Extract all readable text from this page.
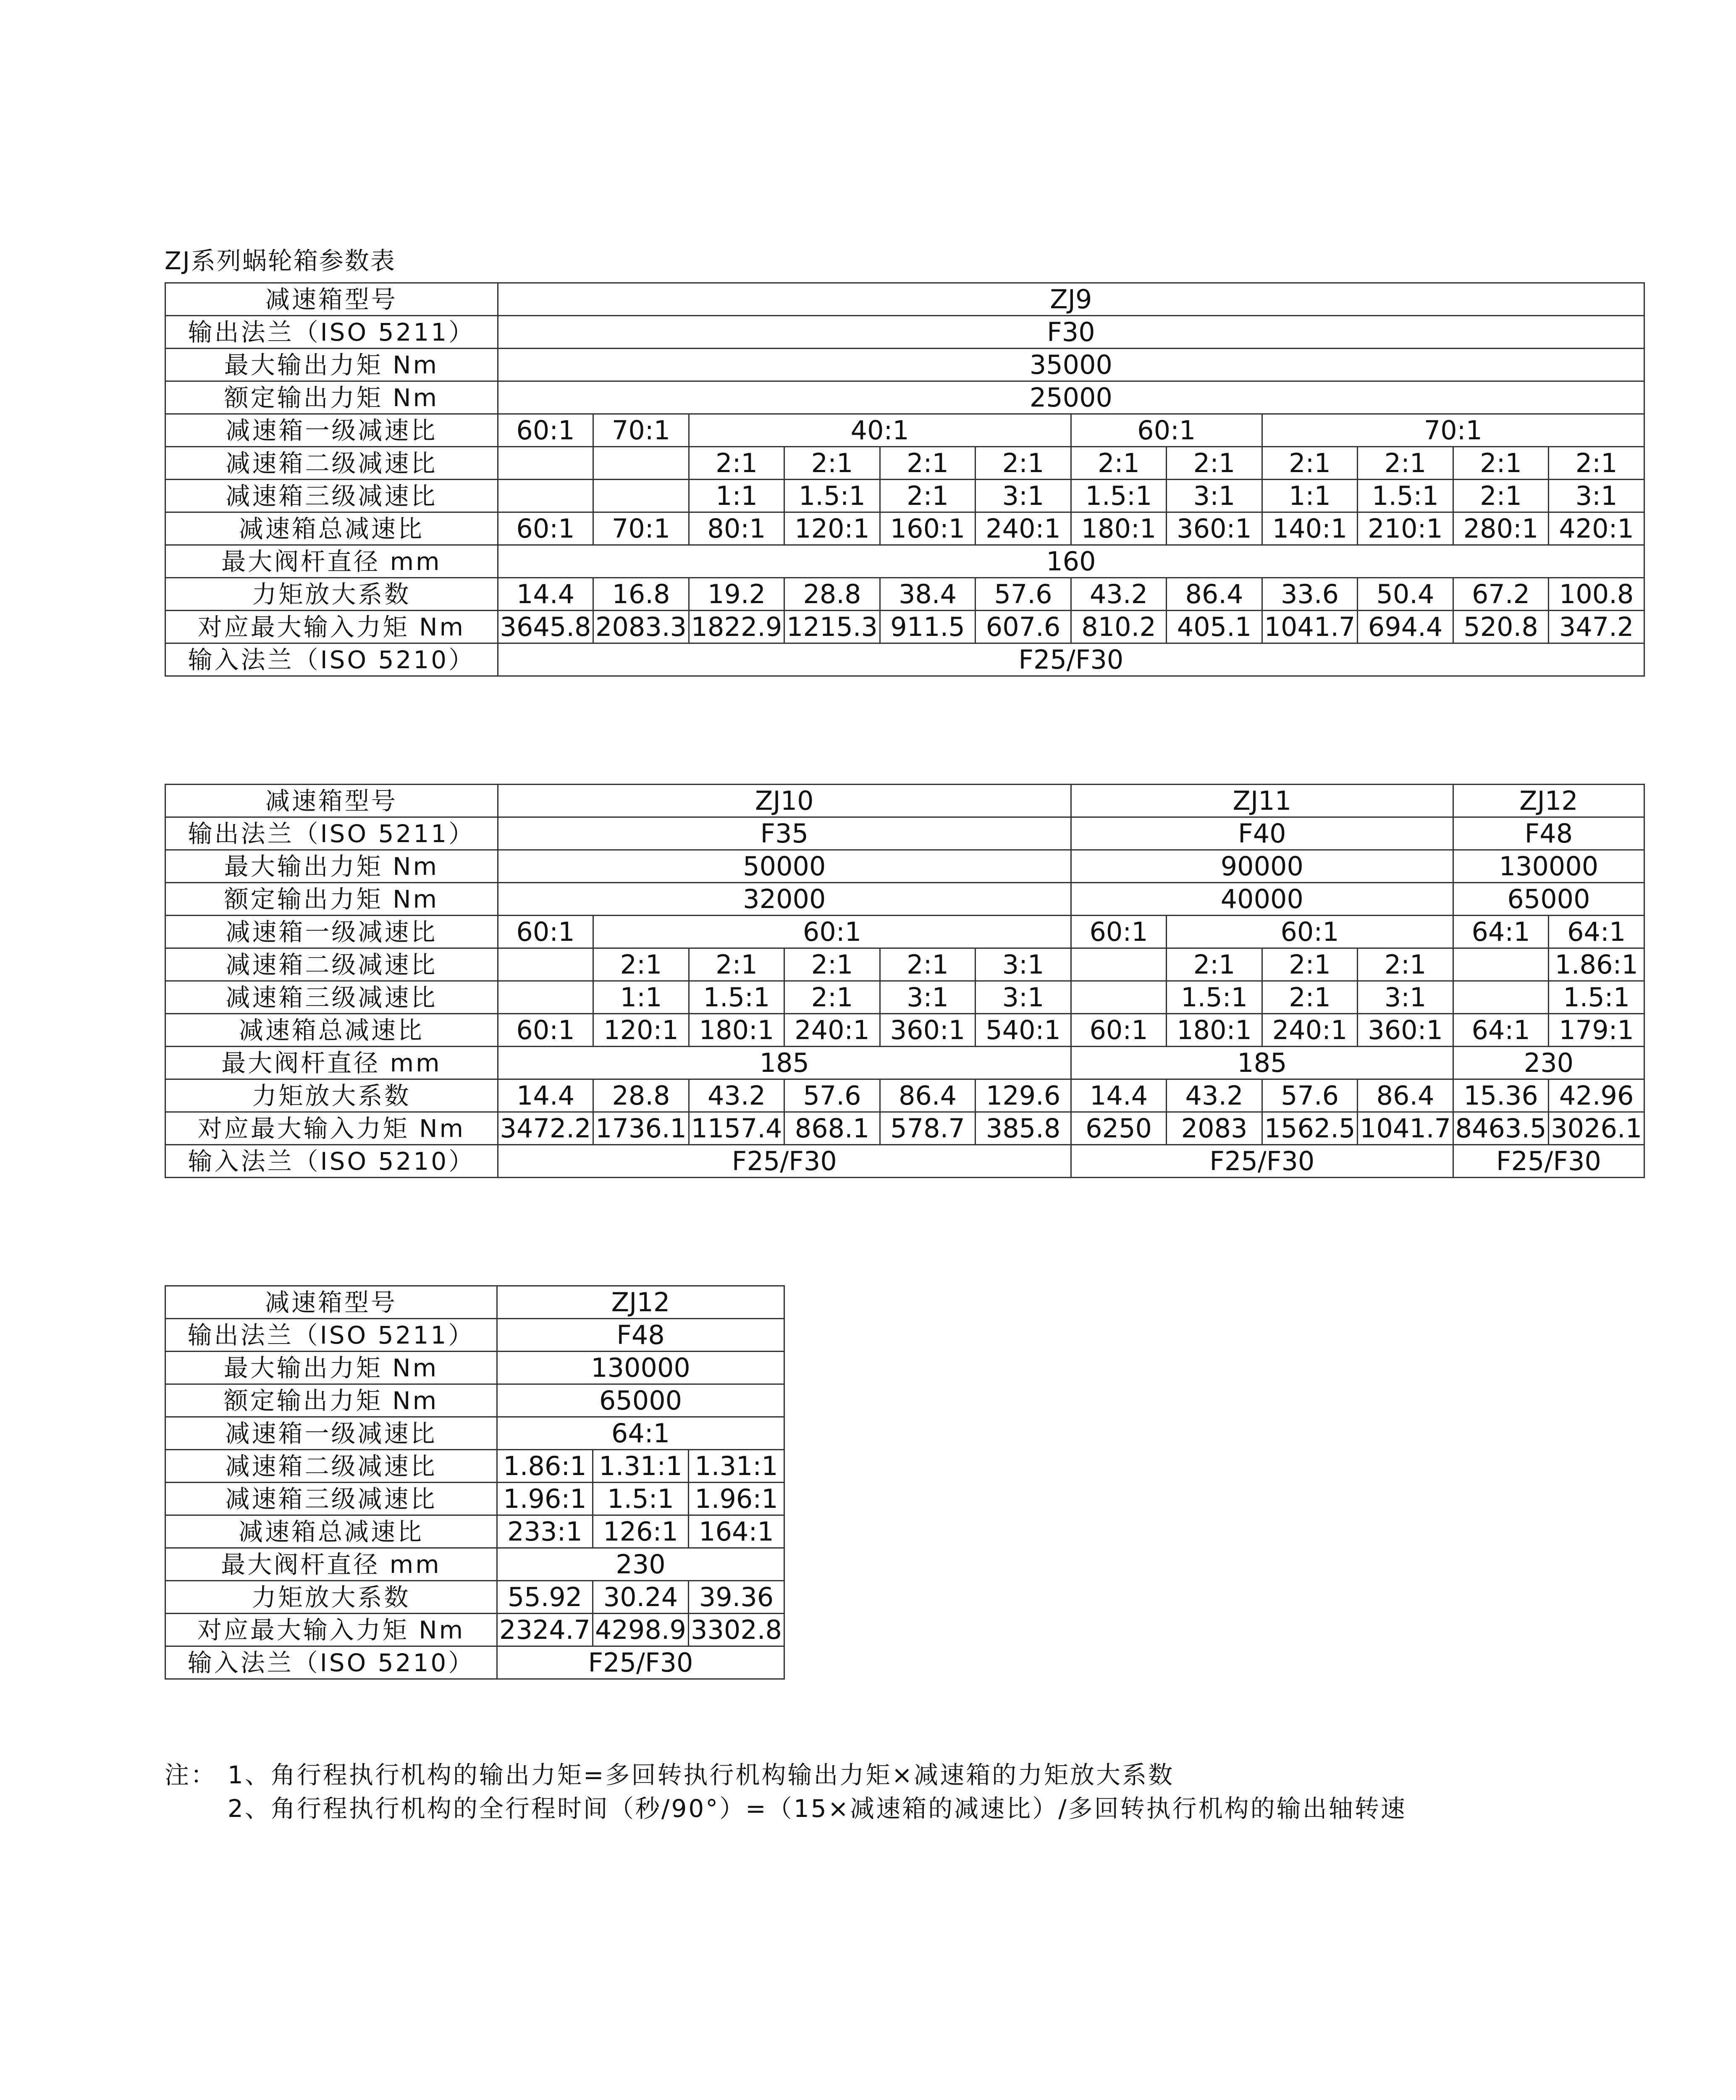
ZJ系列蜗轮箱参数表
减速箱型号	ZJ9											
输出法兰（ISO 5211）	F30											
最大输出力矩 Nm	35000											
额定输出力矩 Nm	25000											
减速箱一级减速比	60:1	70:1	40:1				60:1		70:1			
减速箱二级减速比			2:1	2:1	2:1	2:1	2:1	2:1	2:1	2:1	2:1	2:1
减速箱三级减速比			1:1	1.5:1	2:1	3:1	1.5:1	3:1	1:1	1.5:1	2:1	3:1
减速箱总减速比	60:1	70:1	80:1	120:1	160:1	240:1	180:1	360:1	140:1	210:1	280:1	420:1
最大阀杆直径 mm	160											
力矩放大系数	14.4	16.8	19.2	28.8	38.4	57.6	43.2	86.4	33.6	50.4	67.2	100.8
对应最大输入力矩 Nm	3645.8	2083.3	1822.9	1215.3	911.5	607.6	810.2	405.1	1041.7	694.4	520.8	347.2
输入法兰（ISO 5210）	F25/F30											
减速箱型号	ZJ10						ZJ11				ZJ12	
输出法兰（ISO 5211）	F35						F40				F48	
最大输出力矩 Nm	50000						90000				130000	
额定输出力矩 Nm	32000						40000				65000	
减速箱一级减速比	60:1	60:1					60:1	60:1			64:1	64:1
减速箱二级减速比		2:1	2:1	2:1	2:1	3:1		2:1	2:1	2:1		1.86:1
减速箱三级减速比		1:1	1.5:1	2:1	3:1	3:1		1.5:1	2:1	3:1		1.5:1
减速箱总减速比	60:1	120:1	180:1	240:1	360:1	540:1	60:1	180:1	240:1	360:1	64:1	179:1
最大阀杆直径 mm	185						185				230	
力矩放大系数	14.4	28.8	43.2	57.6	86.4	129.6	14.4	43.2	57.6	86.4	15.36	42.96
对应最大输入力矩 Nm	3472.2	1736.1	1157.4	868.1	578.7	385.8	6250	2083	1562.5	1041.7	8463.5	3026.1
输入法兰（ISO 5210）	F25/F30						F25/F30				F25/F30	
减速箱型号	ZJ12		
输出法兰（ISO 5211）	F48		
最大输出力矩 Nm	130000		
额定输出力矩 Nm	65000		
减速箱一级减速比	64:1		
减速箱二级减速比	1.86:1	1.31:1	1.31:1
减速箱三级减速比	1.96:1	1.5:1	1.96:1
减速箱总减速比	233:1	126:1	164:1
最大阀杆直径 mm	230		
力矩放大系数	55.92	30.24	39.36
对应最大输入力矩 Nm	2324.7	4298.9	3302.8
输入法兰（ISO 5210）	F25/F30		
注： 1、角行程执行机构的输出力矩=多回转执行机构输出力矩×减速箱的力矩放大系数
2、角行程执行机构的全行程时间（秒/90°）=（15×减速箱的减速比）/多回转执行机构的输出轴转速
